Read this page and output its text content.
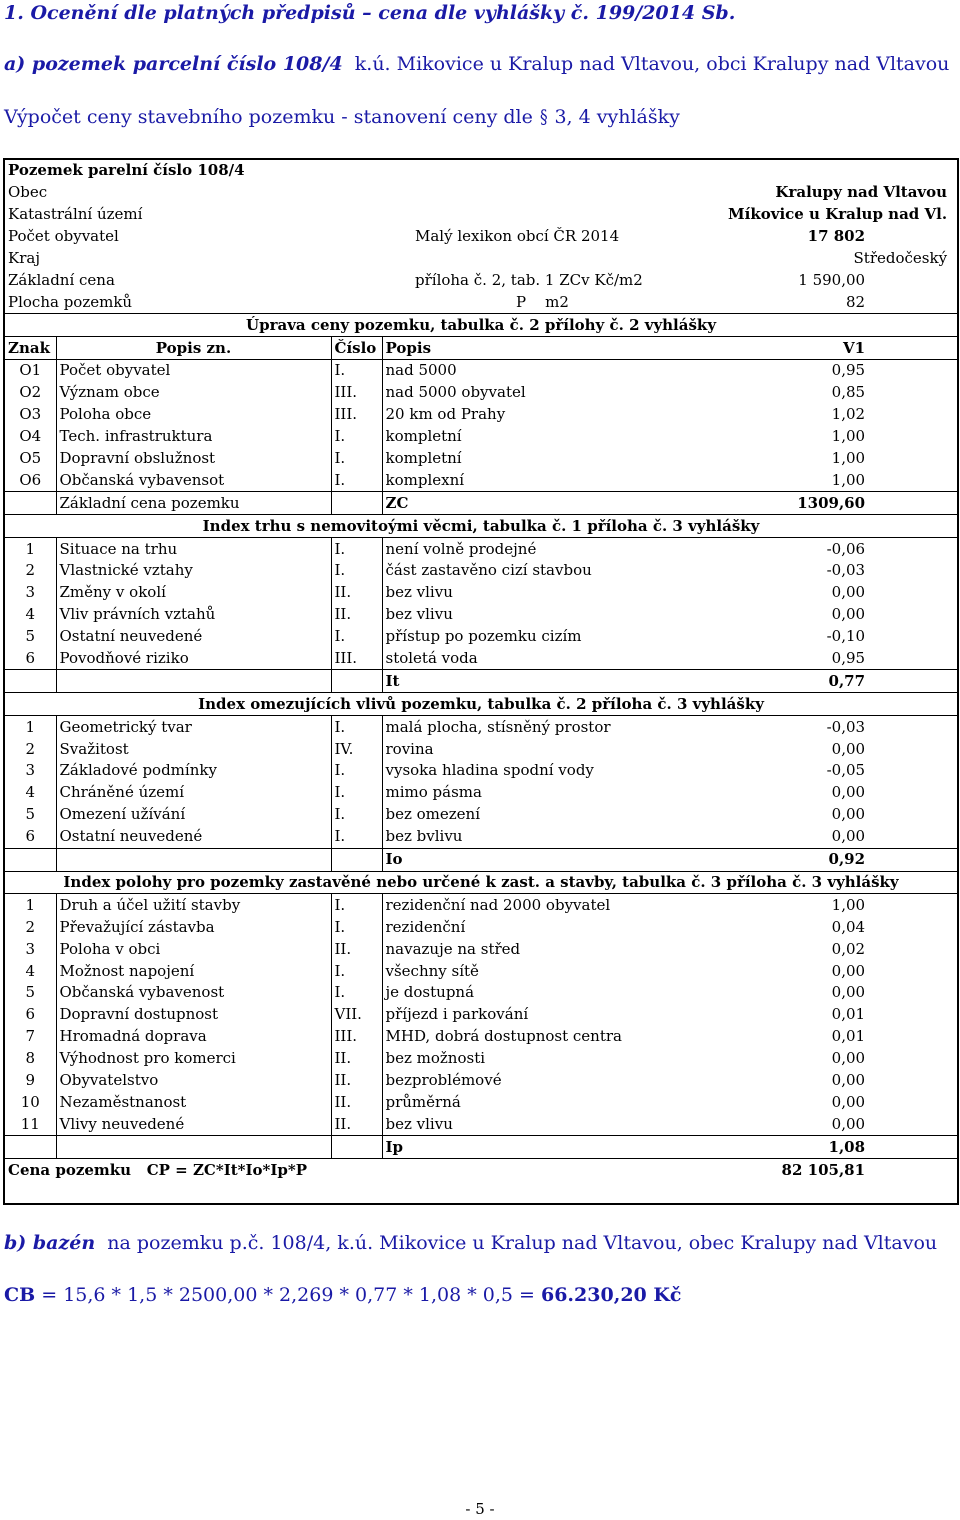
1. Ocenění dle platných předpisů – cena dle vyhlášky č. 199/2014 Sb.
a) pozemek parcelní číslo 108/4 k.ú. Mikovice u Kralup nad Vltavou, obci Kralupy nad Vltavou
Výpočet ceny stavebního pozemku - stanovení ceny dle § 3, 4 vyhlášky
Pozemek parelní číslo 108/4				
Obec				Kralupy nad Vltavou
Katastrální území				Míkovice u Kralup nad Vl.
Počet obyvatel		Malý lexikon obcí ČR 2014		17 802
Kraj				Středočeský
Základní cena		příloha č. 2, tab. 1 ZCv Kč/m2		1 590,00
Plocha pozemků		P m2		82
Úprava ceny pozemku, tabulka č. 2 přílohy č. 2 vyhlášky				
Znak	Popis zn.	Číslo	Popis	V1
O1	Počet obyvatel	I.	nad 5000	0,95
O2	Význam obce	III.	nad 5000 obyvatel	0,85
O3	Poloha obce	III.	20 km od Prahy	1,02
O4	Tech. infrastruktura	I.	kompletní	1,00
O5	Dopravní obslužnost	I.	kompletní	1,00
O6	Občanská vybavensot	I.	komplexní	1,00
	Základní cena pozemku		ZC	1309,60
Index trhu s nemovitoými věcmi, tabulka č. 1 příloha č. 3 vyhlášky				
1	Situace na trhu	I.	není volně prodejné	-0,06
2	Vlastnické vztahy	I.	část zastavěno cizí stavbou	-0,03
3	Změny v okolí	II.	bez vlivu	0,00
4	Vliv právních vztahů	II.	bez vlivu	0,00
5	Ostatní neuvedené	I.	přístup po pozemku cizím	-0,10
6	Povodňové riziko	III.	stoletá voda	0,95
			It	0,77
Index omezujících vlivů pozemku, tabulka č. 2 příloha č. 3 vyhlášky				
1	Geometrický tvar	I.	malá plocha, stísněný prostor	-0,03
2	Svažitost	IV.	rovina	0,00
3	Základové podmínky	I.	vysoka hladina spodní vody	-0,05
4	Chráněné území	I.	mimo pásma	0,00
5	Omezení užívání	I.	bez omezení	0,00
6	Ostatní neuvedené	I.	bez bvlivu	0,00
			Io	0,92
Index polohy pro pozemky zastavěné nebo určené k zast. a stavby, tabulka č. 3 příloha č. 3 vyhlášky				
1	Druh a účel užití stavby	I.	rezidenční nad 2000 obyvatel	1,00
2	Převažující zástavba	I.	rezidenční	0,04
3	Poloha v obci	II.	navazuje na střed	0,02
4	Možnost napojení	I.	všechny sítě	0,00
5	Občanská vybavenost	I.	je dostupná	0,00
6	Dopravní dostupnost	VII.	příjezd i parkování	0,01
7	Hromadná doprava	III.	MHD, dobrá dostupnost centra	0,01
8	Výhodnost pro komerci	II.	bez možnosti	0,00
9	Obyvatelstvo	II.	bezproblémové	0,00
10	Nezaměstnanost	II.	průměrná	0,00
11	Vlivy neuvedené	II.	bez vlivu	0,00
			Ip	1,08
Cena pozemku CP = ZC*It*Io*Ip*P				82 105,81

b) bazén na pozemku p.č. 108/4, k.ú. Mikovice u Kralup nad Vltavou, obec Kralupy nad Vltavou
CB = 15,6 * 1,5 * 2500,00 * 2,269 * 0,77 * 1,08 * 0,5 = 66.230,20 Kč
- 5 -
